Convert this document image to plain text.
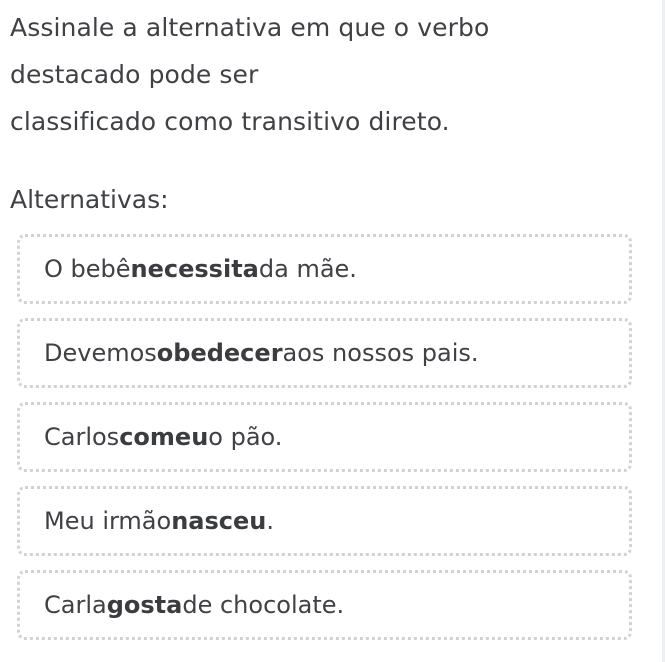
Assinale a alternativa em que o verbo
destacado pode ser
classificado como transitivo direto.
Alternativas:
O bebê necessita da mãe.
Devemos obedecer aos nossos pais.
Carlos comeu o pão.
Meu irmão nasceu .
Carla gosta de chocolate.
